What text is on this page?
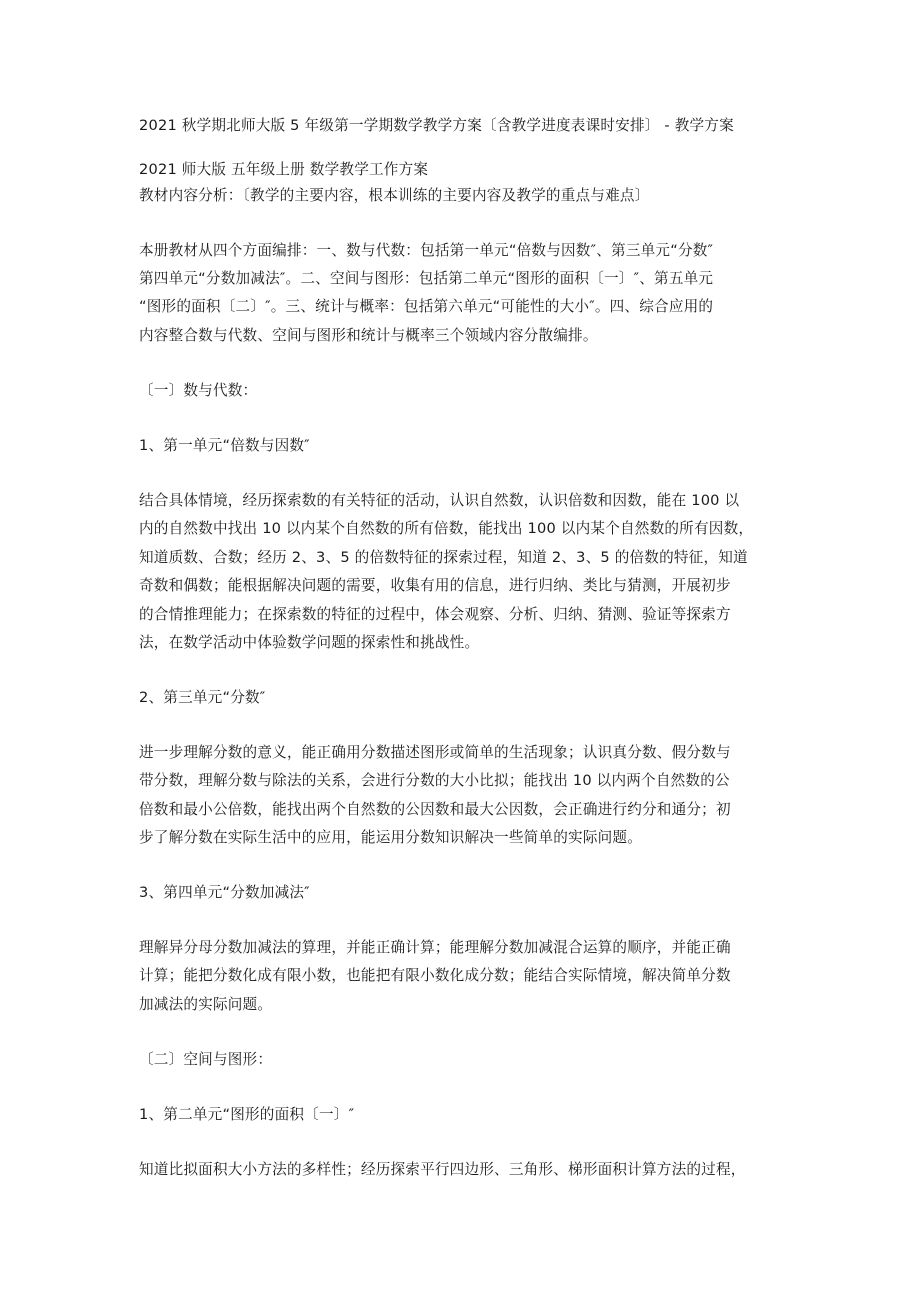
2021 秋学期北师大版 5 年级第一学期数学教学方案〔含教学进度表课时安排〕 - 教学方案
2021 师大版 五年级上册 数学教学工作方案
教材内容分析：〔教学的主要内容，根本训练的主要内容及教学的重点与难点〕
本册教材从四个方面编排：一、数与代数：包括第一单元“倍数与因数″、第三单元“分数″
第四单元“分数加减法″。二、空间与图形：包括第二单元“图形的面积〔一〕″、第五单元
“图形的面积〔二〕″。三、统计与概率：包括第六单元“可能性的大小″。四、综合应用的
内容整合数与代数、空间与图形和统计与概率三个领域内容分散编排。
〔一〕数与代数：
1、第一单元“倍数与因数″
结合具体情境，经历探索数的有关特征的活动，认识自然数，认识倍数和因数，能在 100 以
内的自然数中找出 10 以内某个自然数的所有倍数，能找出 100 以内某个自然数的所有因数，
知道质数、合数；经历 2、3、5 的倍数特征的探索过程，知道 2、3、5 的倍数的特征，知道
奇数和偶数；能根据解决问题的需要，收集有用的信息，进行归纳、类比与猜测，开展初步
的合情推理能力；在探索数的特征的过程中，体会观察、分析、归纳、猜测、验证等探索方
法，在数学活动中体验数学问题的探索性和挑战性。
2、第三单元“分数″
进一步理解分数的意义，能正确用分数描述图形或简单的生活现象；认识真分数、假分数与
带分数，理解分数与除法的关系，会进行分数的大小比拟；能找出 10 以内两个自然数的公
倍数和最小公倍数，能找出两个自然数的公因数和最大公因数，会正确进行约分和通分；初
步了解分数在实际生活中的应用，能运用分数知识解决一些简单的实际问题。
3、第四单元“分数加减法″
理解异分母分数加减法的算理，并能正确计算；能理解分数加减混合运算的顺序，并能正确
计算；能把分数化成有限小数，也能把有限小数化成分数；能结合实际情境，解决简单分数
加减法的实际问题。
〔二〕空间与图形：
1、第二单元“图形的面积〔一〕″
知道比拟面积大小方法的多样性；经历探索平行四边形、三角形、梯形面积计算方法的过程，
